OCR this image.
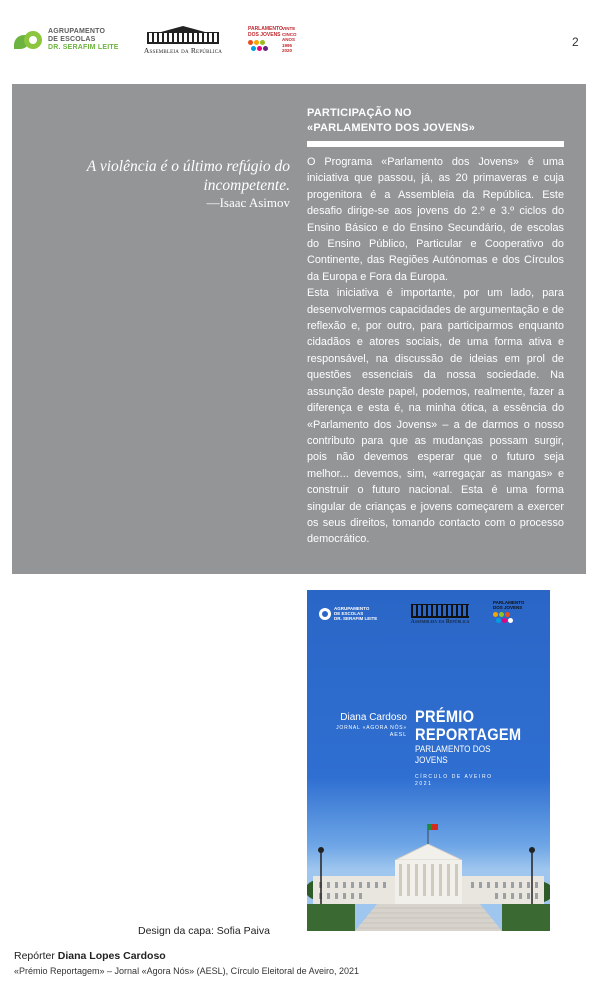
AGRUPAMENTO
DE ESCOLAS
DR. SERAFIM LEITE	Assembleia da República
PARLAMENTO
DOS JOVENS
VINTE CINCO ANOS 1995 2020
2
A violência é o último refúgio do incompetente.
—Isaac Asimov
PARTICIPAÇÃO NO
«PARLAMENTO DOS JOVENS»

O Programa «Parlamento dos Jovens» é uma iniciativa que passou, já, as 20 primaveras e cuja progenitora é a Assembleia da República. Este desafio dirige-se aos jovens do 2.º e 3.º ciclos do Ensino Básico e do Ensino Secundário, de escolas do Ensino Público, Particular e Cooperativo do Continente, das Regiões Autónomas e dos Círculos da Europa e Fora da Europa.

Esta iniciativa é importante, por um lado, para desenvolvermos capacidades de argumentação e de reflexão e, por outro, para participarmos enquanto cidadãos e atores sociais, de uma forma ativa e responsável, na discussão de ideias em prol de questões essenciais da nossa sociedade. Na assunção deste papel, podemos, realmente, fazer a diferença e esta é, na minha ótica, a essência do «Parlamento dos Jovens» – a de darmos o nosso contributo para que as mudanças possam surgir, pois não devemos esperar que o futuro seja melhor... devemos, sim, «arregaçar as mangas» e construir o futuro nacional. Esta é uma forma singular de crianças e jovens começarem a exercer os seus direitos, tomando contacto com o processo democrático.

AGRUPAMENTO
DE ESCOLAS
DR. SERAFIM LEITE
Assembleia da República
PARLAMENTO
DOS JOVENS
Diana Cardoso
JORNAL «AGORA NÓS»
AESL
PRÉMIO
REPORTAGEM
PARLAMENTO DOS JOVENS
CÍRCULO DE AVEIRO
2021
Design da capa: Sofia Paiva
Repórter Diana Lopes Cardoso
«Prémio Reportagem» – Jornal «Agora Nós» (AESL), Círculo Eleitoral de Aveiro, 2021
